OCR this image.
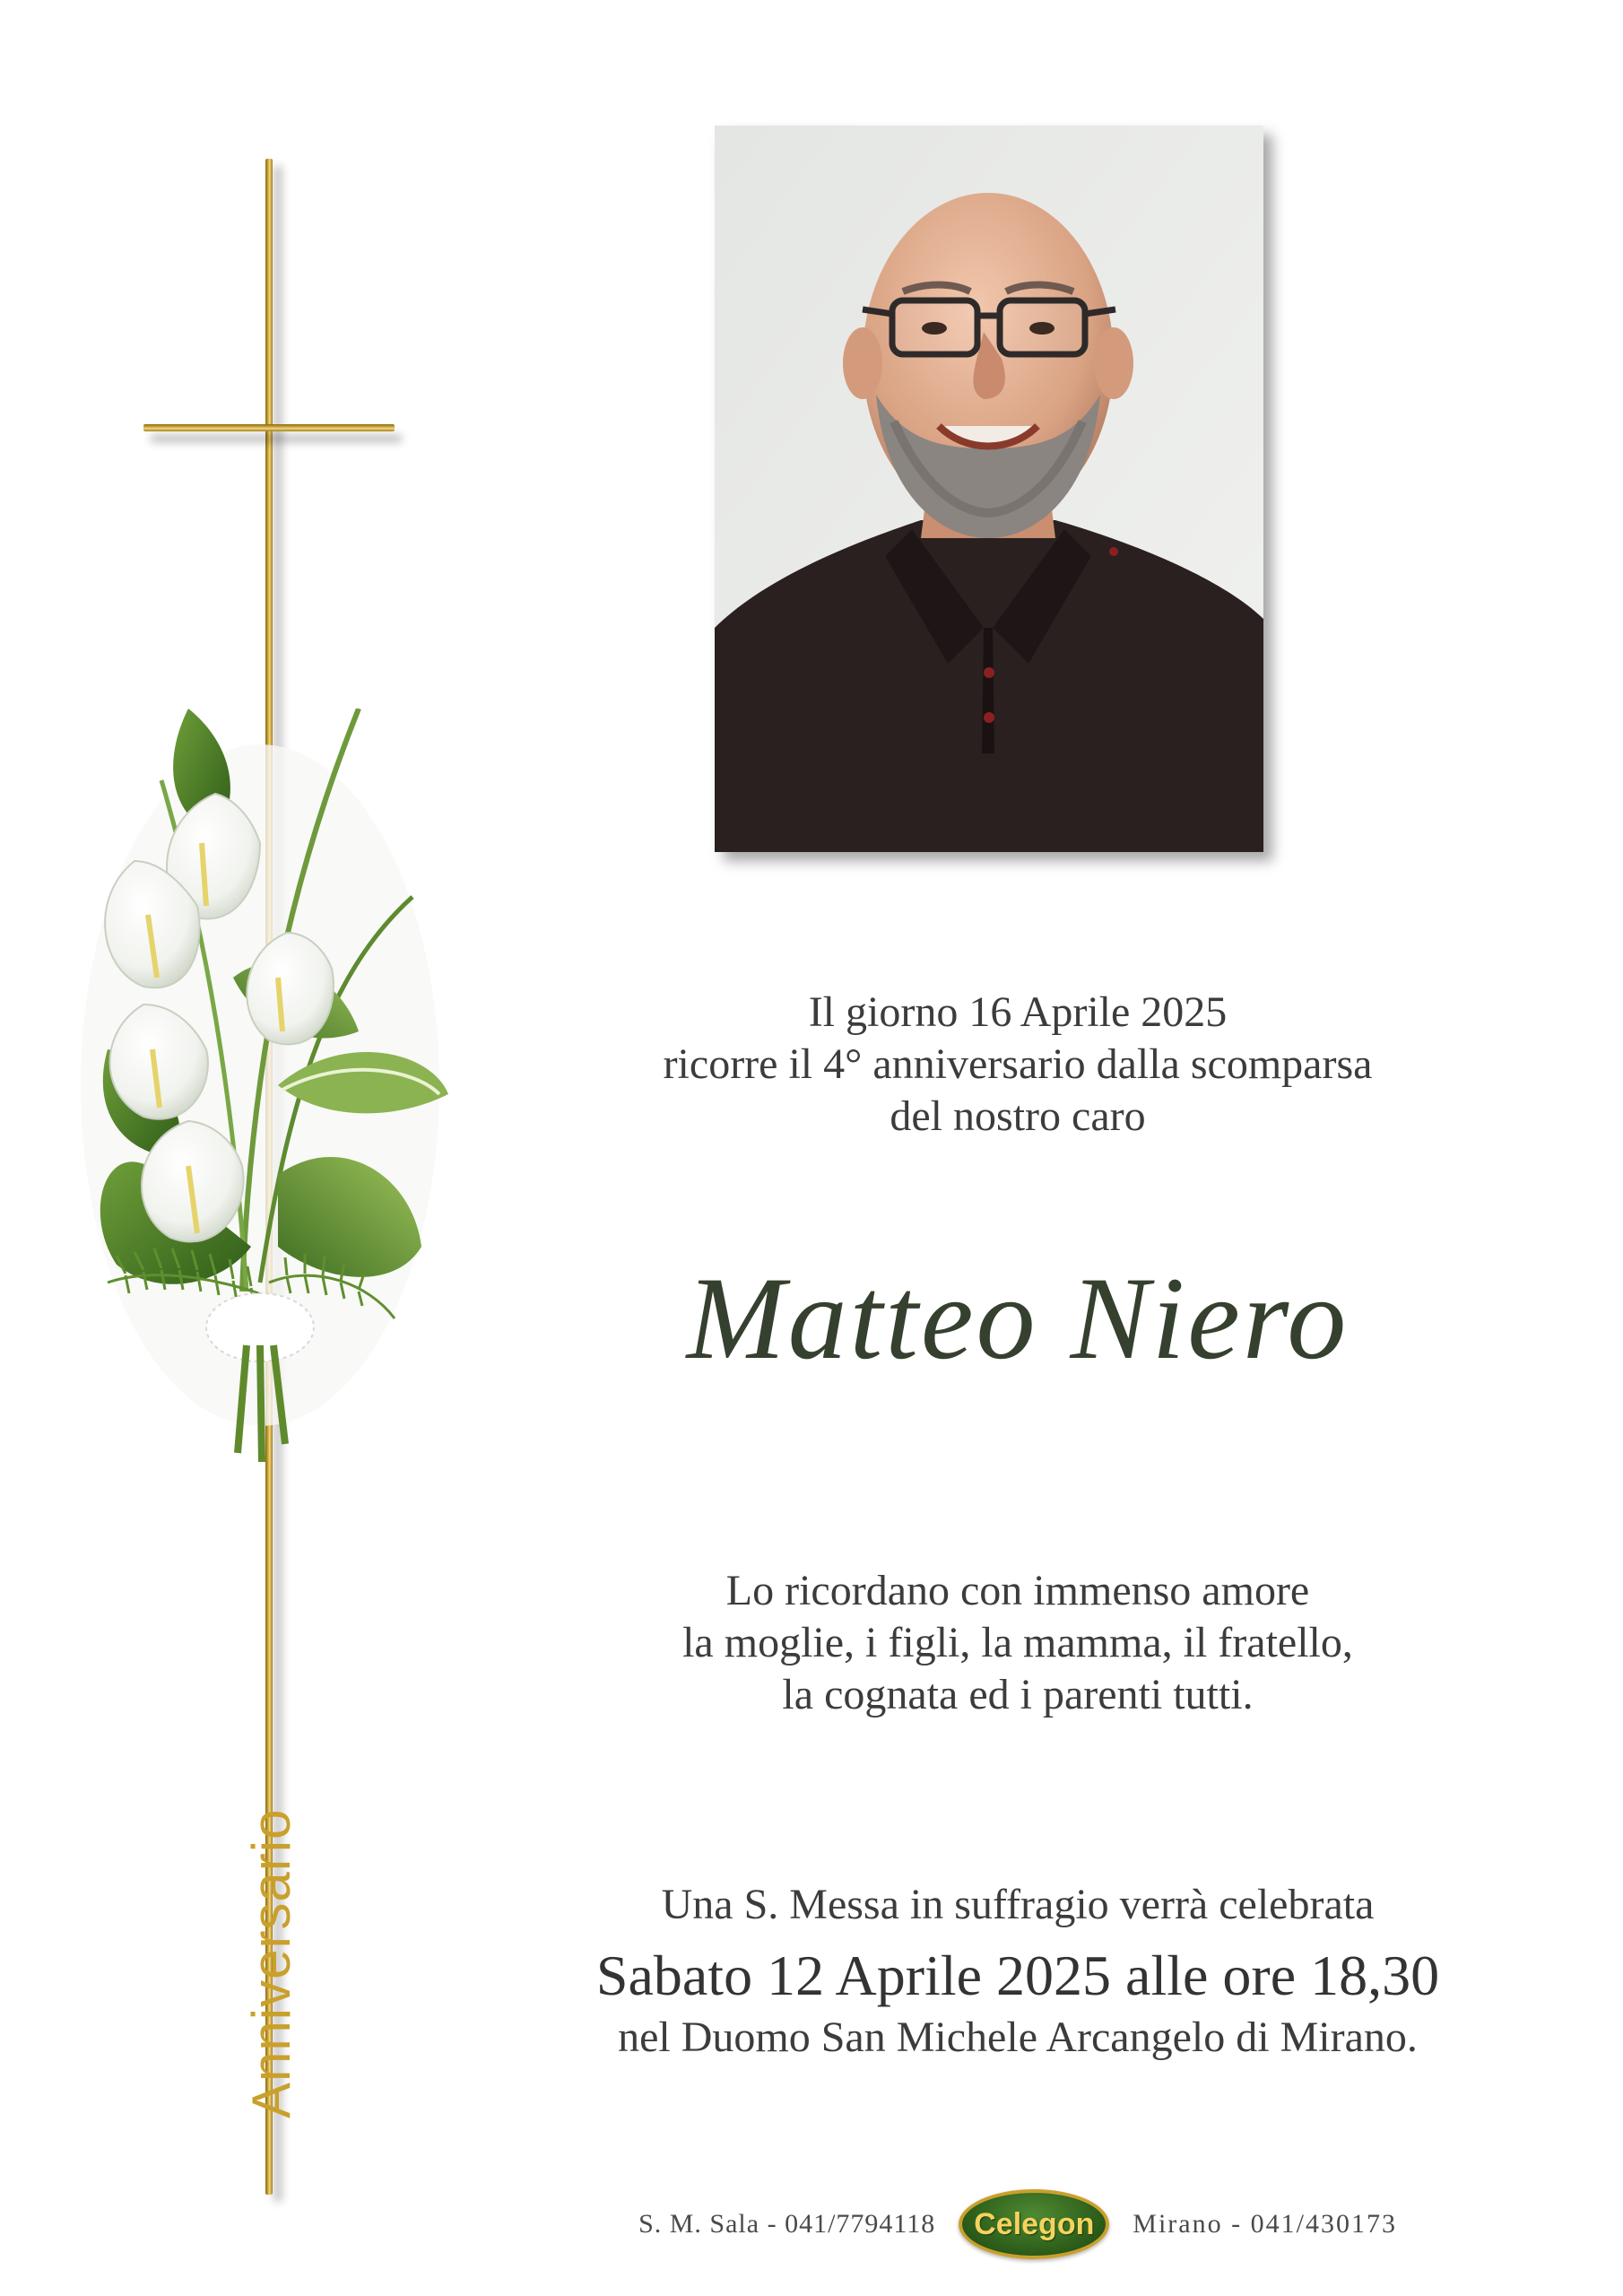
Anniversario
Il giorno 16 Aprile 2025
ricorre il 4° anniversario dalla scomparsa
del nostro caro
Matteo Niero
Lo ricordano con immenso amore
la moglie, i figli, la mamma, il fratello,
la cognata ed i parenti tutti.
Una S. Messa in suffragio verrà celebrata
Sabato 12 Aprile 2025 alle ore 18,30
nel Duomo San Michele Arcangelo di Mirano.
S. M. Sala - 041/7794118 Celegon Mirano - 041/430173
